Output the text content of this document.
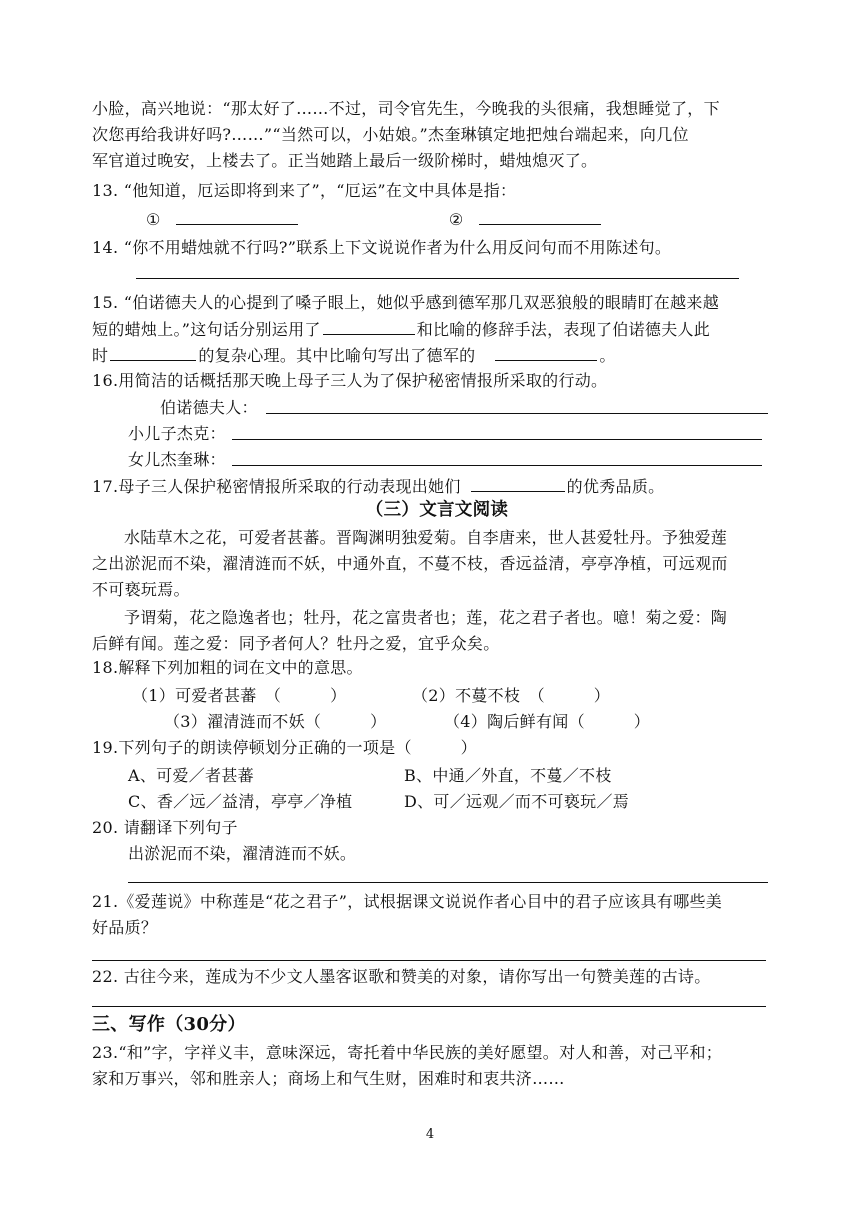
小脸，高兴地说：“那太好了……不过，司令官先生，今晚我的头很痛，我想睡觉了，下
次您再给我讲好吗?……”“当然可以，小姑娘。”杰奎琳镇定地把烛台端起来，向几位
军官道过晚安，上楼去了。正当她踏上最后一级阶梯时，蜡烛熄灭了。
13. “他知道，厄运即将到来了”，“厄运”在文中具体是指：
①	②
14. “你不用蜡烛就不行吗?”联系上下文说说作者为什么用反问句而不用陈述句。
15. “伯诺德夫人的心提到了嗓子眼上，她似乎感到德军那几双恶狼般的眼睛盯在越来越
短的蜡烛上。”这句话分别运用了	和比喻的修辞手法，表现了伯诺德夫人此
时	的复杂心理。其中比喻句写出了德军的	。
16.用简洁的话概括那天晚上母子三人为了保护秘密情报所采取的行动。
伯诺德夫人：
小儿子杰克：
女儿杰奎琳：
17.母子三人保护秘密情报所采取的行动表现出她们	的优秀品质。
（三）文言文阅读
水陆草木之花，可爱者甚蕃。晋陶渊明独爱菊。自李唐来，世人甚爱牡丹。予独爱莲
之出淤泥而不染，濯清涟而不妖，中通外直，不蔓不枝，香远益清，亭亭净植，可远观而
不可亵玩焉。
予谓菊，花之隐逸者也；牡丹，花之富贵者也；莲，花之君子者也。噫！菊之爱：陶
后鲜有闻。莲之爱：同予者何人？牡丹之爱，宜乎众矣。
18.解释下列加粗的词在文中的意思。
（1）可爱者甚蕃　（　　　）	（2）不蔓不枝　（　　　）
（3）濯清涟而不妖（　　　）	（4）陶后鲜有闻（　　　）
19.下列句子的朗读停顿划分正确的一项是（　　　）
A、可爱／者甚蕃	B、中通／外直，不蔓／不枝
C、香／远／益清，亭亭／净植	D、可／远观／而不可亵玩／焉
20. 请翻译下列句子
出淤泥而不染，濯清涟而不妖。
21.《爱莲说》中称莲是“花之君子”，试根据课文说说作者心目中的君子应该具有哪些美
好品质？
22. 古往今来，莲成为不少文人墨客讴歌和赞美的对象，请你写出一句赞美莲的古诗。
三、写作（30分）
23.“和”字，字祥义丰，意味深远，寄托着中华民族的美好愿望。对人和善，对己平和；
家和万事兴，邻和胜亲人；商场上和气生财，困难时和衷共济……
4
